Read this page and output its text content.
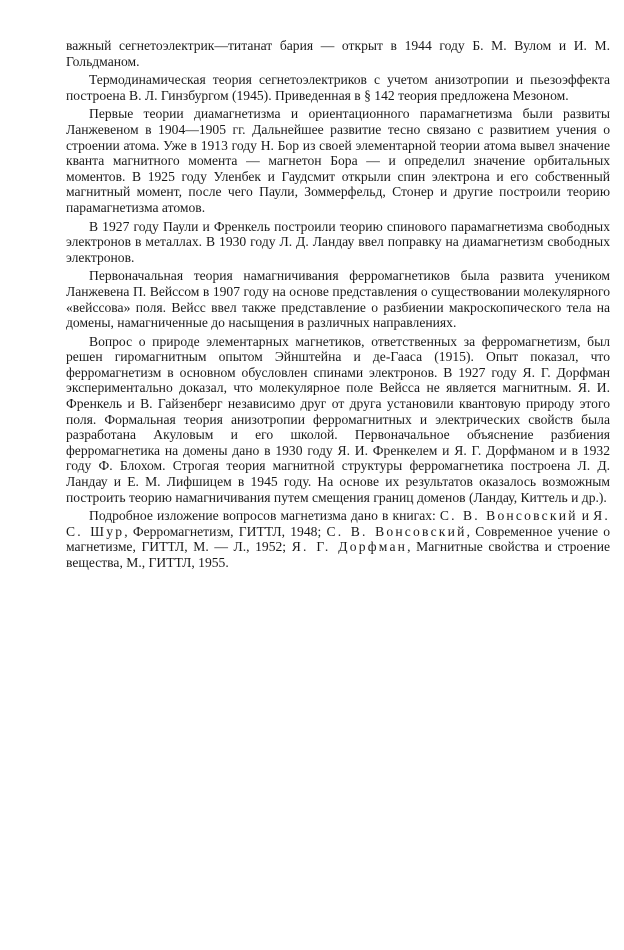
важный сегнетоэлектрик—титанат бария — открыт в 1944 году Б. М. Вулом и И. М. Гольдманом.

Термодинамическая теория сегнетоэлектриков с учетом анизотропии и пьезоэффекта построена В. Л. Гинзбургом (1945). Приведенная в § 142 теория предложена Мезоном.

Первые теории диамагнетизма и ориентационного парамагнетизма были развиты Ланжевеном в 1904—1905 гг. Дальнейшее развитие тесно связано с развитием учения о строении атома. Уже в 1913 году Н. Бор из своей элементарной теории атома вывел значение кванта магнитного момента — магнетон Бора — и определил значение орбитальных моментов. В 1925 году Уленбек и Гаудсмит открыли спин электрона и его собственный магнитный момент, после чего Паули, Зоммерфельд, Стонер и другие построили теорию парамагнетизма атомов.

В 1927 году Паули и Френкель построили теорию спинового парамагнетизма свободных электронов в металлах. В 1930 году Л. Д. Ландау ввел поправку на диамагнетизм свободных электронов.

Первоначальная теория намагничивания ферромагнетиков была развита учеником Ланжевена П. Вейссом в 1907 году на основе представления о существовании молекулярного «вейссова» поля. Вейсс ввел также представление о разбиении макроскопического тела на домены, намагниченные до насыщения в различных направлениях.

Вопрос о природе элементарных магнетиков, ответственных за ферромагнетизм, был решен гиромагнитным опытом Эйнштейна и де-Гааса (1915). Опыт показал, что ферромагнетизм в основном обусловлен спинами электронов. В 1927 году Я. Г. Дорфман экспериментально доказал, что молекулярное поле Вейсса не является магнитным. Я. И. Френкель и В. Гайзенберг независимо друг от друга установили квантовую природу этого поля. Формальная теория анизотропии ферромагнитных и электрических свойств была разработана Акуловым и его школой. Первоначальное объяснение разбиения ферромагнетика на домены дано в 1930 году Я. И. Френкелем и Я. Г. Дорфманом и в 1932 году Ф. Блохом. Строгая теория магнитной структуры ферромагнетика построена Л. Д. Ландау и Е. М. Лифшицем в 1945 году. На основе их результатов оказалось возможным построить теорию намагничивания путем смещения границ доменов (Ландау, Киттель и др.).

Подробное изложение вопросов магнетизма дано в книгах: С. В. Вонсовский и Я. С. Шур, Ферромагнетизм, ГИТТЛ, 1948; С. В. Вонсовский, Современное учение о магнетизме, ГИТТЛ, М. — Л., 1952; Я. Г. Дорфман, Магнитные свойства и строение вещества, М., ГИТТЛ, 1955.
